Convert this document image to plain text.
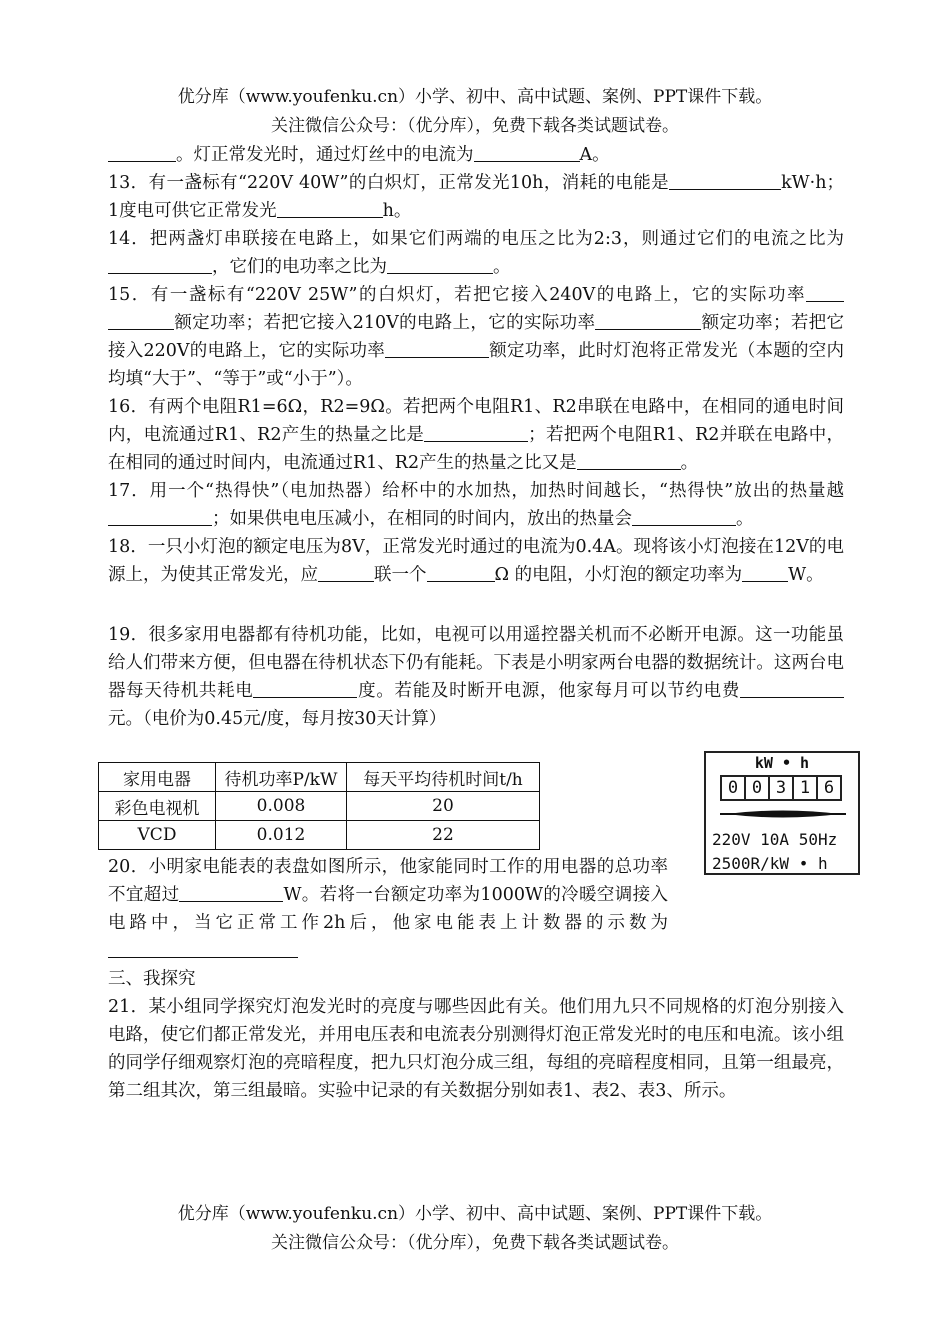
优分库（www.youfenku.cn）小学、初中、高中试题、案例、PPT课件下载。
关注微信公众号：（优分库），免费下载各类试题试卷。
。灯正常发光时，通过灯丝中的电流为	A。
13．有一盏标有“220V 40W”的白炽灯，正常发光10h，消耗的电能是	kW·h；1度电可供它正常发光	h。
14．把两盏灯串联接在电路上，如果它们两端的电压之比为2:3，则通过它们的电流之比为，它们的电功率之比为	。
15．有一盏标有“220V 25W”的白炽灯，若把它接入240V的电路上，它的实际功率额定功率；若把它接入210V的电路上，它的实际功率	额定功率；若把它接入220V的电路上，它的实际功率	额定功率，此时灯泡将正常发光（本题的空内均填“大于”、“等于”或“小于”）。
16．有两个电阻R1=6Ω，R2=9Ω。若把两个电阻R1、R2串联在电路中，在相同的通电时间内，电流通过R1、R2产生的热量之比是	；若把两个电阻R1、R2并联在电路中，在相同的通过时间内，电流通过R1、R2产生的热量之比又是	。
17．用一个“热得快”（电加热器）给杯中的水加热，加热时间越长，“热得快”放出的热量越；如果供电电压减小，在相同的时间内，放出的热量会	。
18．一只小灯泡的额定电压为8V，正常发光时通过的电流为0.4A。现将该小灯泡接在12V的电源上，为使其正常发光，应	联一个	Ω 的电阻，小灯泡的额定功率为	W。
19．很多家用电器都有待机功能，比如，电视可以用遥控器关机而不必断开电源。这一功能虽给人们带来方便，但电器在待机状态下仍有能耗。下表是小明家两台电器的数据统计。这两台电器每天待机共耗电	度。若能及时断开电源，他家每月可以节约电费元。（电价为0.45元/度，每月按30天计算）
家用电器	待机功率P/kW	每天平均待机时间t/h
彩色电视机	0.008	20
VCD	0.012	22
kW • h
0 0 3 1 6
220V 10A 50Hz
2500R/kW • h
20．小明家电能表的表盘如图所示，他家能同时工作的用电器的总功率不宜超过	W。若将一台额定功率为1000W的冷暖空调接入电路中，当它正常工作2h后，他家电能表上计数器的示数为
三、我探究
21．某小组同学探究灯泡发光时的亮度与哪些因此有关。他们用九只不同规格的灯泡分别接入电路，使它们都正常发光，并用电压表和电流表分别测得灯泡正常发光时的电压和电流。该小组的同学仔细观察灯泡的亮暗程度，把九只灯泡分成三组，每组的亮暗程度相同，且第一组最亮，第二组其次，第三组最暗。实验中记录的有关数据分别如表1、表2、表3、所示。
优分库（www.youfenku.cn）小学、初中、高中试题、案例、PPT课件下载。
关注微信公众号：（优分库），免费下载各类试题试卷。
